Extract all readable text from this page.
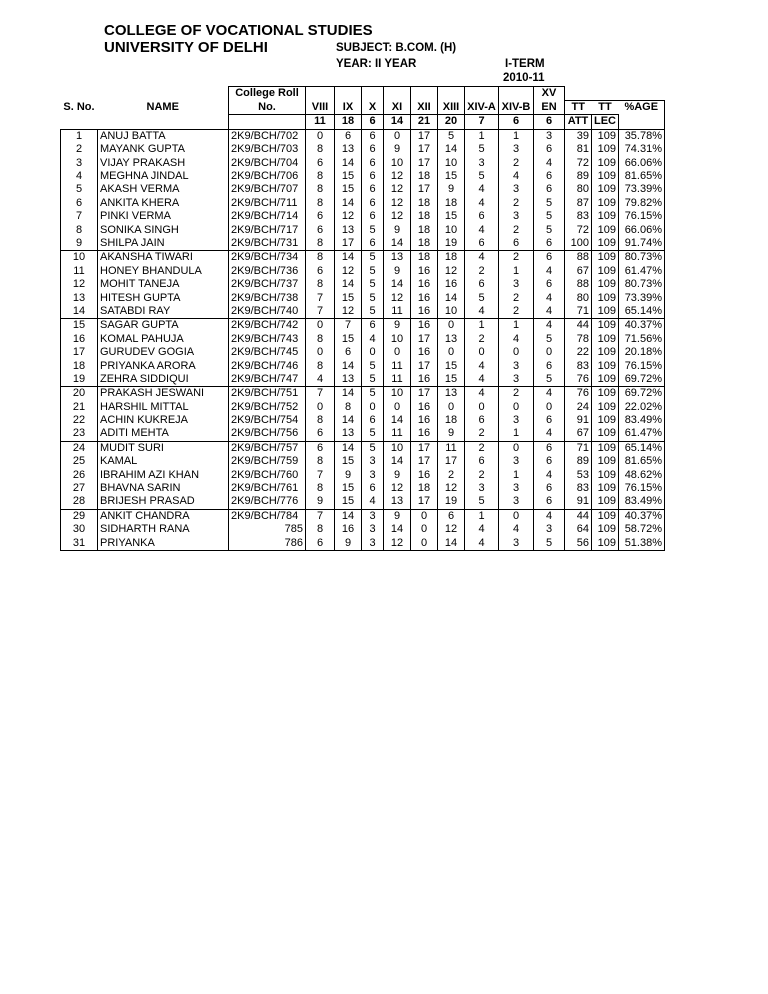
COLLEGE OF VOCATIONAL STUDIES
UNIVERSITY OF DELHI	SUBJECT: B.COM. (H)
YEAR: II YEAR	I-TERM
2010-11
		College Roll									XV			
S. No.	NAME	No.	VIII	IX	X	XI	XII	XIII	XIV-A	XIV-B	EN	TT	TT	%AGE
			11	18	6	14	21	20	7	6	6	ATT	LEC	
1	ANUJ BATTA	2K9/BCH/702	0	6	6	0	17	5	1	1	3	39	109	35.78%
2	MAYANK GUPTA	2K9/BCH/703	8	13	6	9	17	14	5	3	6	81	109	74.31%
3	VIJAY PRAKASH	2K9/BCH/704	6	14	6	10	17	10	3	2	4	72	109	66.06%
4	MEGHNA JINDAL	2K9/BCH/706	8	15	6	12	18	15	5	4	6	89	109	81.65%
5	AKASH VERMA	2K9/BCH/707	8	15	6	12	17	9	4	3	6	80	109	73.39%
6	ANKITA KHERA	2K9/BCH/711	8	14	6	12	18	18	4	2	5	87	109	79.82%
7	PINKI VERMA	2K9/BCH/714	6	12	6	12	18	15	6	3	5	83	109	76.15%
8	SONIKA SINGH	2K9/BCH/717	6	13	5	9	18	10	4	2	5	72	109	66.06%
9	SHILPA JAIN	2K9/BCH/731	8	17	6	14	18	19	6	6	6	100	109	91.74%
10	AKANSHA TIWARI	2K9/BCH/734	8	14	5	13	18	18	4	2	6	88	109	80.73%
11	HONEY BHANDULA	2K9/BCH/736	6	12	5	9	16	12	2	1	4	67	109	61.47%
12	MOHIT TANEJA	2K9/BCH/737	8	14	5	14	16	16	6	3	6	88	109	80.73%
13	HITESH GUPTA	2K9/BCH/738	7	15	5	12	16	14	5	2	4	80	109	73.39%
14	SATABDI RAY	2K9/BCH/740	7	12	5	11	16	10	4	2	4	71	109	65.14%
15	SAGAR GUPTA	2K9/BCH/742	0	7	6	9	16	0	1	1	4	44	109	40.37%
16	KOMAL PAHUJA	2K9/BCH/743	8	15	4	10	17	13	2	4	5	78	109	71.56%
17	GURUDEV GOGIA	2K9/BCH/745	0	6	0	0	16	0	0	0	0	22	109	20.18%
18	PRIYANKA ARORA	2K9/BCH/746	8	14	5	11	17	15	4	3	6	83	109	76.15%
19	ZEHRA SIDDIQUI	2K9/BCH/747	4	13	5	11	16	15	4	3	5	76	109	69.72%
20	PRAKASH JESWANI	2K9/BCH/751	7	14	5	10	17	13	4	2	4	76	109	69.72%
21	HARSHIL MITTAL	2K9/BCH/752	0	8	0	0	16	0	0	0	0	24	109	22.02%
22	ACHIN KUKREJA	2K9/BCH/754	8	14	6	14	16	18	6	3	6	91	109	83.49%
23	ADITI MEHTA	2K9/BCH/756	6	13	5	11	16	9	2	1	4	67	109	61.47%
24	MUDIT SURI	2K9/BCH/757	6	14	5	10	17	11	2	0	6	71	109	65.14%
25	KAMAL	2K9/BCH/759	8	15	3	14	17	17	6	3	6	89	109	81.65%
26	IBRAHIM AZI KHAN	2K9/BCH/760	7	9	3	9	16	2	2	1	4	53	109	48.62%
27	BHAVNA SARIN	2K9/BCH/761	8	15	6	12	18	12	3	3	6	83	109	76.15%
28	BRIJESH PRASAD	2K9/BCH/776	9	15	4	13	17	19	5	3	6	91	109	83.49%
29	ANKIT CHANDRA	2K9/BCH/784	7	14	3	9	0	6	1	0	4	44	109	40.37%
30	SIDHARTH RANA	785	8	16	3	14	0	12	4	4	3	64	109	58.72%
31	PRIYANKA	786	6	9	3	12	0	14	4	3	5	56	109	51.38%
